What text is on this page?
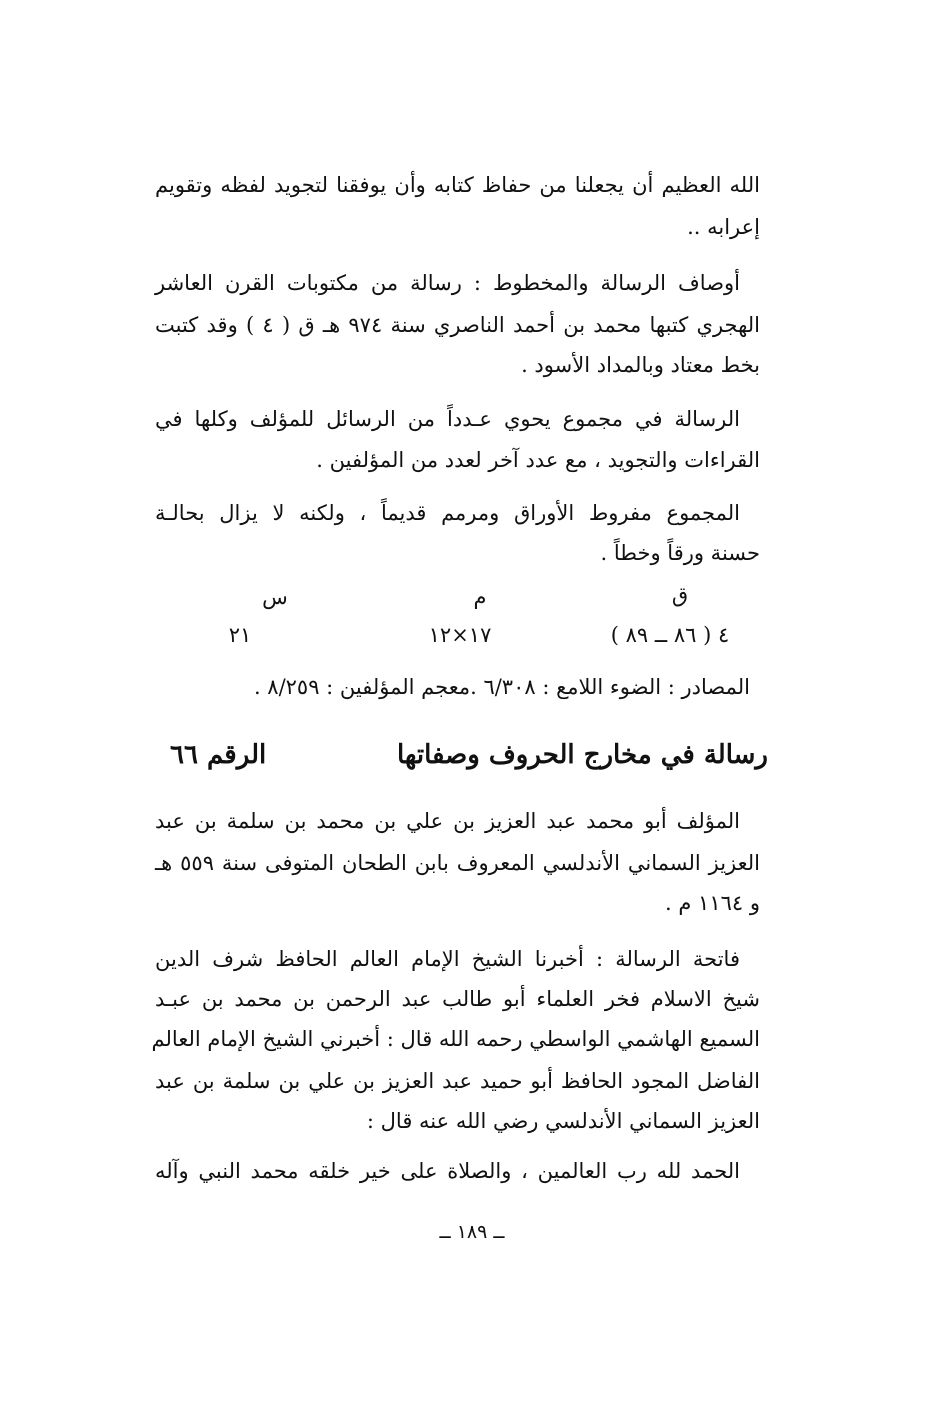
الله العظيم أن يجعلنا من حفاظ كتابه وأن يوفقنا لتجويد لفظه وتقويم
إعرابه ..
أوصاف الرسالة والمخطوط : رسالة من مكتوبات القرن العاشر
الهجري كتبها محمد بن أحمد الناصري سنة ٩٧٤ هـ ق ( ٤ ) وقد كتبت
بخط معتاد وبالمداد الأسود .
الرسالة في مجموع يحوي عـدداً من الرسائل للمؤلف وكلها في
القراءات والتجويد ، مع عدد آخر لعدد من المؤلفين .
المجموع مفروط الأوراق ومرمم قديماً ، ولكنه لا يزال بحالـة
حسنة ورقاً وخطاً .
ق
م
س
٤ ( ٨٦ ــ ٨٩ )
١٧×١٢
٢١
المصادر : الضوء اللامع : ٦/٣٠٨ .معجم المؤلفين : ٨/٢٥٩ .
رسالة في مخارج الحروف وصفاتها
الرقم ٦٦
المؤلف أبو محمد عبد العزيز بن علي بن محمد بن سلمة بن عبد
العزيز السماني الأندلسي المعروف بابن الطحان المتوفى سنة ٥٥٩ هـ
و ١١٦٤ م .
فاتحة الرسالة : أخبرنا الشيخ الإمام العالم الحافظ شرف الدين
شيخ الاسلام فخر العلماء أبو طالب عبد الرحمن بن محمد بن عبـد
السميع الهاشمي الواسطي رحمه الله قال : أخبرني الشيخ الإمام العالم
الفاضل المجود الحافظ أبو حميد عبد العزيز بن علي بن سلمة بن عبد
العزيز السماني الأندلسي رضي الله عنه قال :
الحمد لله رب العالمين ، والصلاة على خير خلقه محمد النبي وآله
ــ ١٨٩ ــ
